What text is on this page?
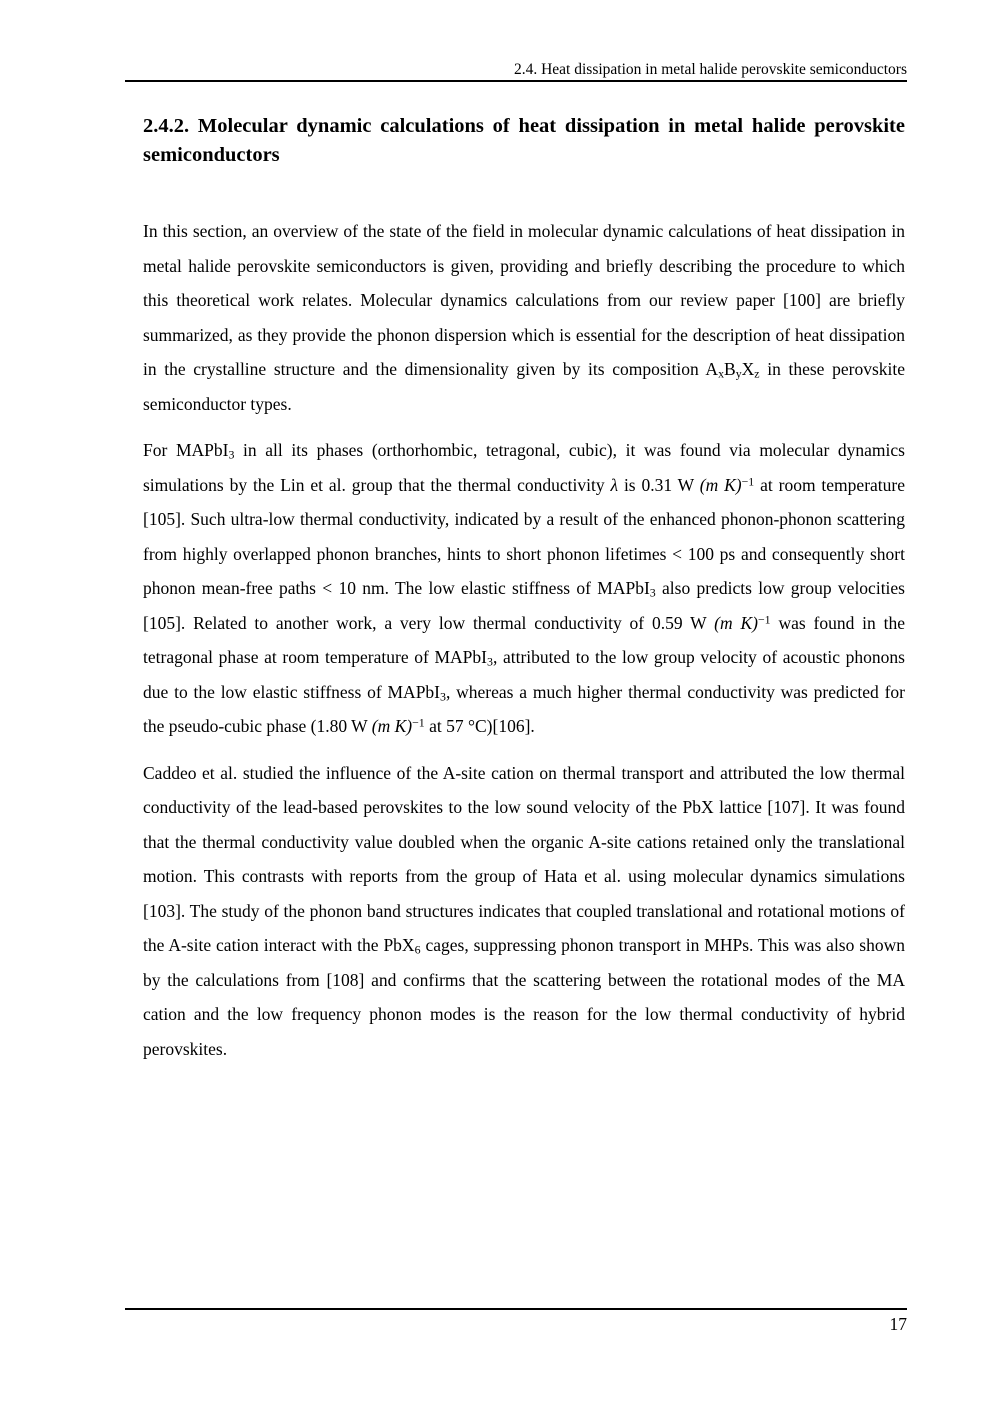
2.4. Heat dissipation in metal halide perovskite semiconductors
2.4.2. Molecular dynamic calculations of heat dissipation in metal halide perovskite semiconductors

In this section, an overview of the state of the field in molecular dynamic calculations of heat dissipation in metal halide perovskite semiconductors is given, providing and briefly describing the procedure to which this theoretical work relates. Molecular dynamics calculations from our review paper [100] are briefly summarized, as they provide the phonon dispersion which is essential for the description of heat dissipation in the crystalline structure and the dimensionality given by its composition $A_xB_yX_z$ in these perovskite semiconductor types.

For MAPbI$_3$ in all its phases (orthorhombic, tetragonal, cubic), it was found via molecular dynamics simulations by the Lin et al. group that the thermal conductivity λ is 0.31 W (m K)$^{-1}$ at room temperature [105]. Such ultra-low thermal conductivity, indicated by a result of the enhanced phonon-phonon scattering from highly overlapped phonon branches, hints to short phonon lifetimes < 100 ps and consequently short phonon mean-free paths < 10 nm. The low elastic stiffness of MAPbI$_3$ also predicts low group velocities [105]. Related to another work, a very low thermal conductivity of 0.59 W (m K)$^{-1}$ was found in the tetragonal phase at room temperature of MAPbI$_3$, attributed to the low group velocity of acoustic phonons due to the low elastic stiffness of MAPbI$_3$, whereas a much higher thermal conductivity was predicted for the pseudo-cubic phase (1.80 W (m K)$^{-1}$ at 57 °C)[106].

Caddeo et al. studied the influence of the A-site cation on thermal transport and attributed the low thermal conductivity of the lead-based perovskites to the low sound velocity of the PbX lattice [107]. It was found that the thermal conductivity value doubled when the organic A-site cations retained only the translational motion. This contrasts with reports from the group of Hata et al. using molecular dynamics simulations [103]. The study of the phonon band structures indicates that coupled translational and rotational motions of the A-site cation interact with the PbX$_6$ cages, suppressing phonon transport in MHPs. This was also shown by the calculations from [108] and confirms that the scattering between the rotational modes of the MA cation and the low frequency phonon modes is the reason for the low thermal conductivity of hybrid perovskites.

17
